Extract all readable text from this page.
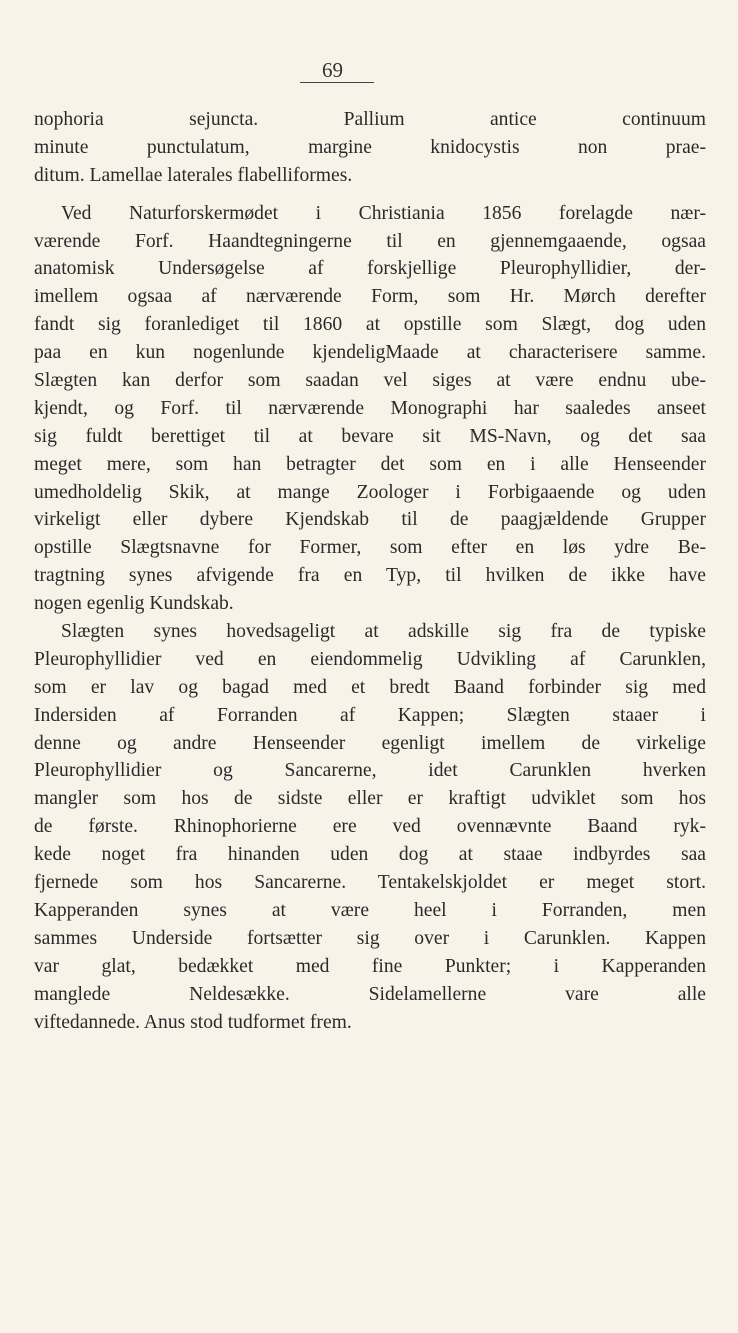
69
nophoria sejuncta. Pallium antice continuum
minute punctulatum, margine knidocystis non prae-
ditum. Lamellae laterales flabelliformes.
Ved Naturforskermødet i Christiania 1856 forelagde nær-
værende Forf. Haandtegningerne til en gjennemgaaende, ogsaa
anatomisk Undersøgelse af forskjellige Pleurophyllidier, der-
imellem ogsaa af nærværende Form, som Hr. Mørch derefter
fandt sig foranlediget til 1860 at opstille som Slægt, dog uden
paa en kun nogenlunde kjendeligMaade at characterisere samme.
Slægten kan derfor som saadan vel siges at være endnu ube-
kjendt, og Forf. til nærværende Monographi har saaledes anseet
sig fuldt berettiget til at bevare sit MS-Navn, og det saa
meget mere, som han betragter det som en i alle Henseender
umedholdelig Skik, at mange Zoologer i Forbigaaende og uden
virkeligt eller dybere Kjendskab til de paagjældende Grupper
opstille Slægtsnavne for Former, som efter en løs ydre Be-
tragtning synes afvigende fra en Typ, til hvilken de ikke have
nogen egenlig Kundskab.
Slægten synes hovedsageligt at adskille sig fra de typiske
Pleurophyllidier ved en eiendommelig Udvikling af Carunklen,
som er lav og bagad med et bredt Baand forbinder sig med
Indersiden af Forranden af Kappen; Slægten staaer i
denne og andre Henseender egenligt imellem de virkelige
Pleurophyllidier og Sancarerne, idet Carunklen hverken
mangler som hos de sidste eller er kraftigt udviklet som hos
de første. Rhinophorierne ere ved ovennævnte Baand ryk-
kede noget fra hinanden uden dog at staae indbyrdes saa
fjernede som hos Sancarerne. Tentakelskjoldet er meget stort.
Kapperanden synes at være heel i Forranden, men
sammes Underside fortsætter sig over i Carunklen. Kappen
var glat, bedækket med fine Punkter; i Kapperanden
manglede Neldesække. Sidelamellerne vare alle
viftedannede. Anus stod tudformet frem.
